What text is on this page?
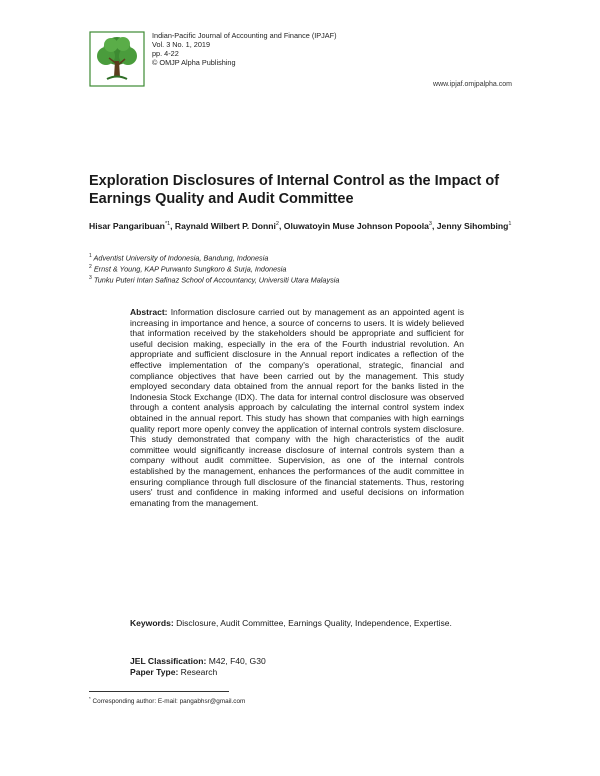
Indian-Pacific Journal of Accounting and Finance (IPJAF)
Vol. 3 No. 1, 2019
pp. 4-22
© OMJP Alpha Publishing
www.ipjaf.omjpalpha.com
Exploration Disclosures of Internal Control as the Impact of Earnings Quality and Audit Committee
Hisar Pangaribuan$^{*1}$, Raynald Wilbert P. Donni$^2$, Oluwatoyin Muse Johnson Popoola$^3$, Jenny Sihombing$^1$
$^1$ Adventist University of Indonesia, Bandung, Indonesia
$^2$ Ernst & Young, KAP Purwanto Sungkoro & Surja, Indonesia
$^3$ Tunku Puteri Intan Safinaz School of Accountancy, Universiti Utara Malaysia

Abstract: Information disclosure carried out by management as an appointed agent is increasing in importance and hence, a source of concerns to users. It is widely believed that information received by the stakeholders should be appropriate and sufficient for useful decision making, especially in the era of the Fourth industrial revolution. An appropriate and sufficient disclosure in the Annual report indicates a reflection of the effective implementation of the company's operational, strategic, financial and compliance objectives that have been carried out by the management. This study employed secondary data obtained from the annual report for the banks listed in the Indonesia Stock Exchange (IDX). The data for internal control disclosure was observed through a content analysis approach by calculating the internal control system index obtained in the annual report. This study has shown that companies with high earnings quality report more openly convey the application of internal controls system disclosure. This study demonstrated that company with the high characteristics of the audit committee would significantly increase disclosure of internal controls system than a company without audit committee. Supervision, as one of the internal controls established by the management, enhances the performances of the audit committee in ensuring compliance through full disclosure of the financial statements. Thus, restoring users' trust and confidence in making informed and useful decisions on information emanating from the management.

Keywords: Disclosure, Audit Committee, Earnings Quality, Independence, Expertise.

JEL Classification: M42, F40, G30
Paper Type: Research
* Corresponding author: E-mail: pangabhsr@gmail.com
